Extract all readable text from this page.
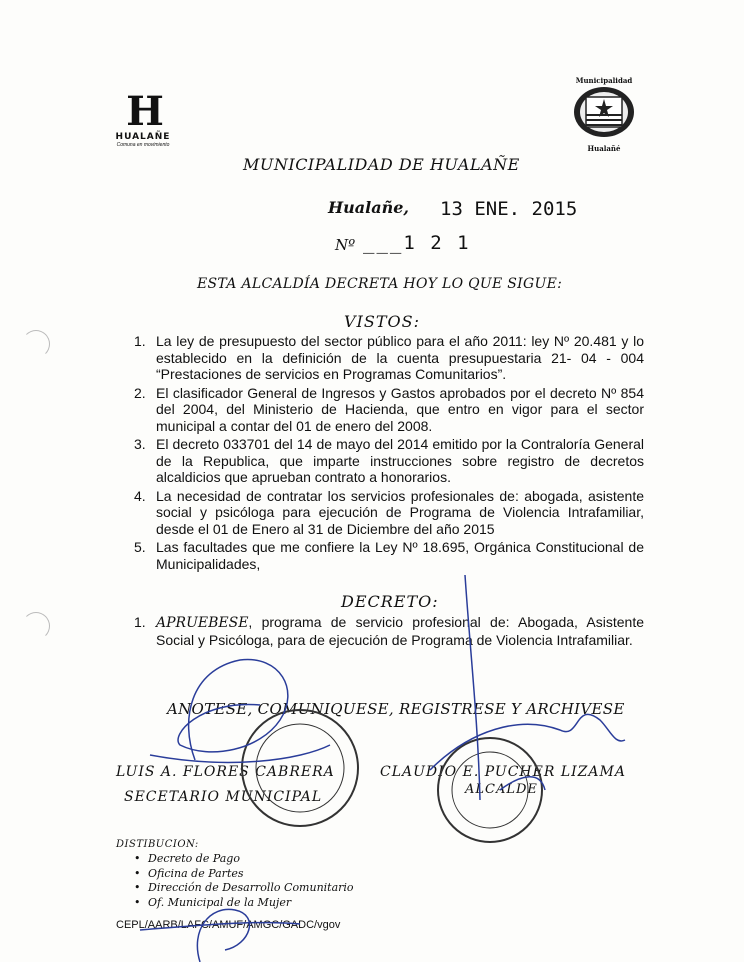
H
HUALAÑE
Comuna en movimiento
Municipalidad
Hualañé
MUNICIPALIDAD DE HUALAÑE
Hualañe, 13 ENE. 2015
Nº ___1 2 1
ESTA ALCALDÍA DECRETA HOY LO QUE SIGUE:
VISTOS:
1. La ley de presupuesto del sector público para el año 2011: ley Nº 20.481 y lo establecido en la definición de la cuenta presupuestaria 21- 04 - 004 “Prestaciones de servicios en Programas Comunitarios”.
2. El clasificador General de Ingresos y Gastos aprobados por el decreto Nº 854 del 2004, del Ministerio de Hacienda, que entro en vigor para el sector municipal a contar del 01 de enero del 2008.
3. El decreto 033701 del 14 de mayo del 2014 emitido por la Contraloría General de la Republica, que imparte instrucciones sobre registro de decretos alcaldicios que aprueban contrato a honorarios.
4. La necesidad de contratar los servicios profesionales de: abogada, asistente social y psicóloga para ejecución de Programa de Violencia Intrafamiliar, desde el 01 de Enero al 31 de Diciembre del año 2015
5. Las facultades que me confiere la Ley Nº 18.695, Orgánica Constitucional de Municipalidades,
DECRETO:
1. APRUEBESE, programa de servicio profesional de: Abogada, Asistente Social y Psicóloga, para de ejecución de Programa de Violencia Intrafamiliar.
ANOTESE, COMUNIQUESE, REGISTRESE Y ARCHIVESE
LUIS A. FLORES CABRERA
SECETARIO MUNICIPAL
CLAUDIO E. PUCHER LIZAMA
ALCALDE
DISTIBUCION:
• Decreto de Pago
• Oficina de Partes
• Dirección de Desarrollo Comunitario
• Of. Municipal de la Mujer
CEPL/AARB/LAFC/AMUF/AMGC/GADC/vgov
